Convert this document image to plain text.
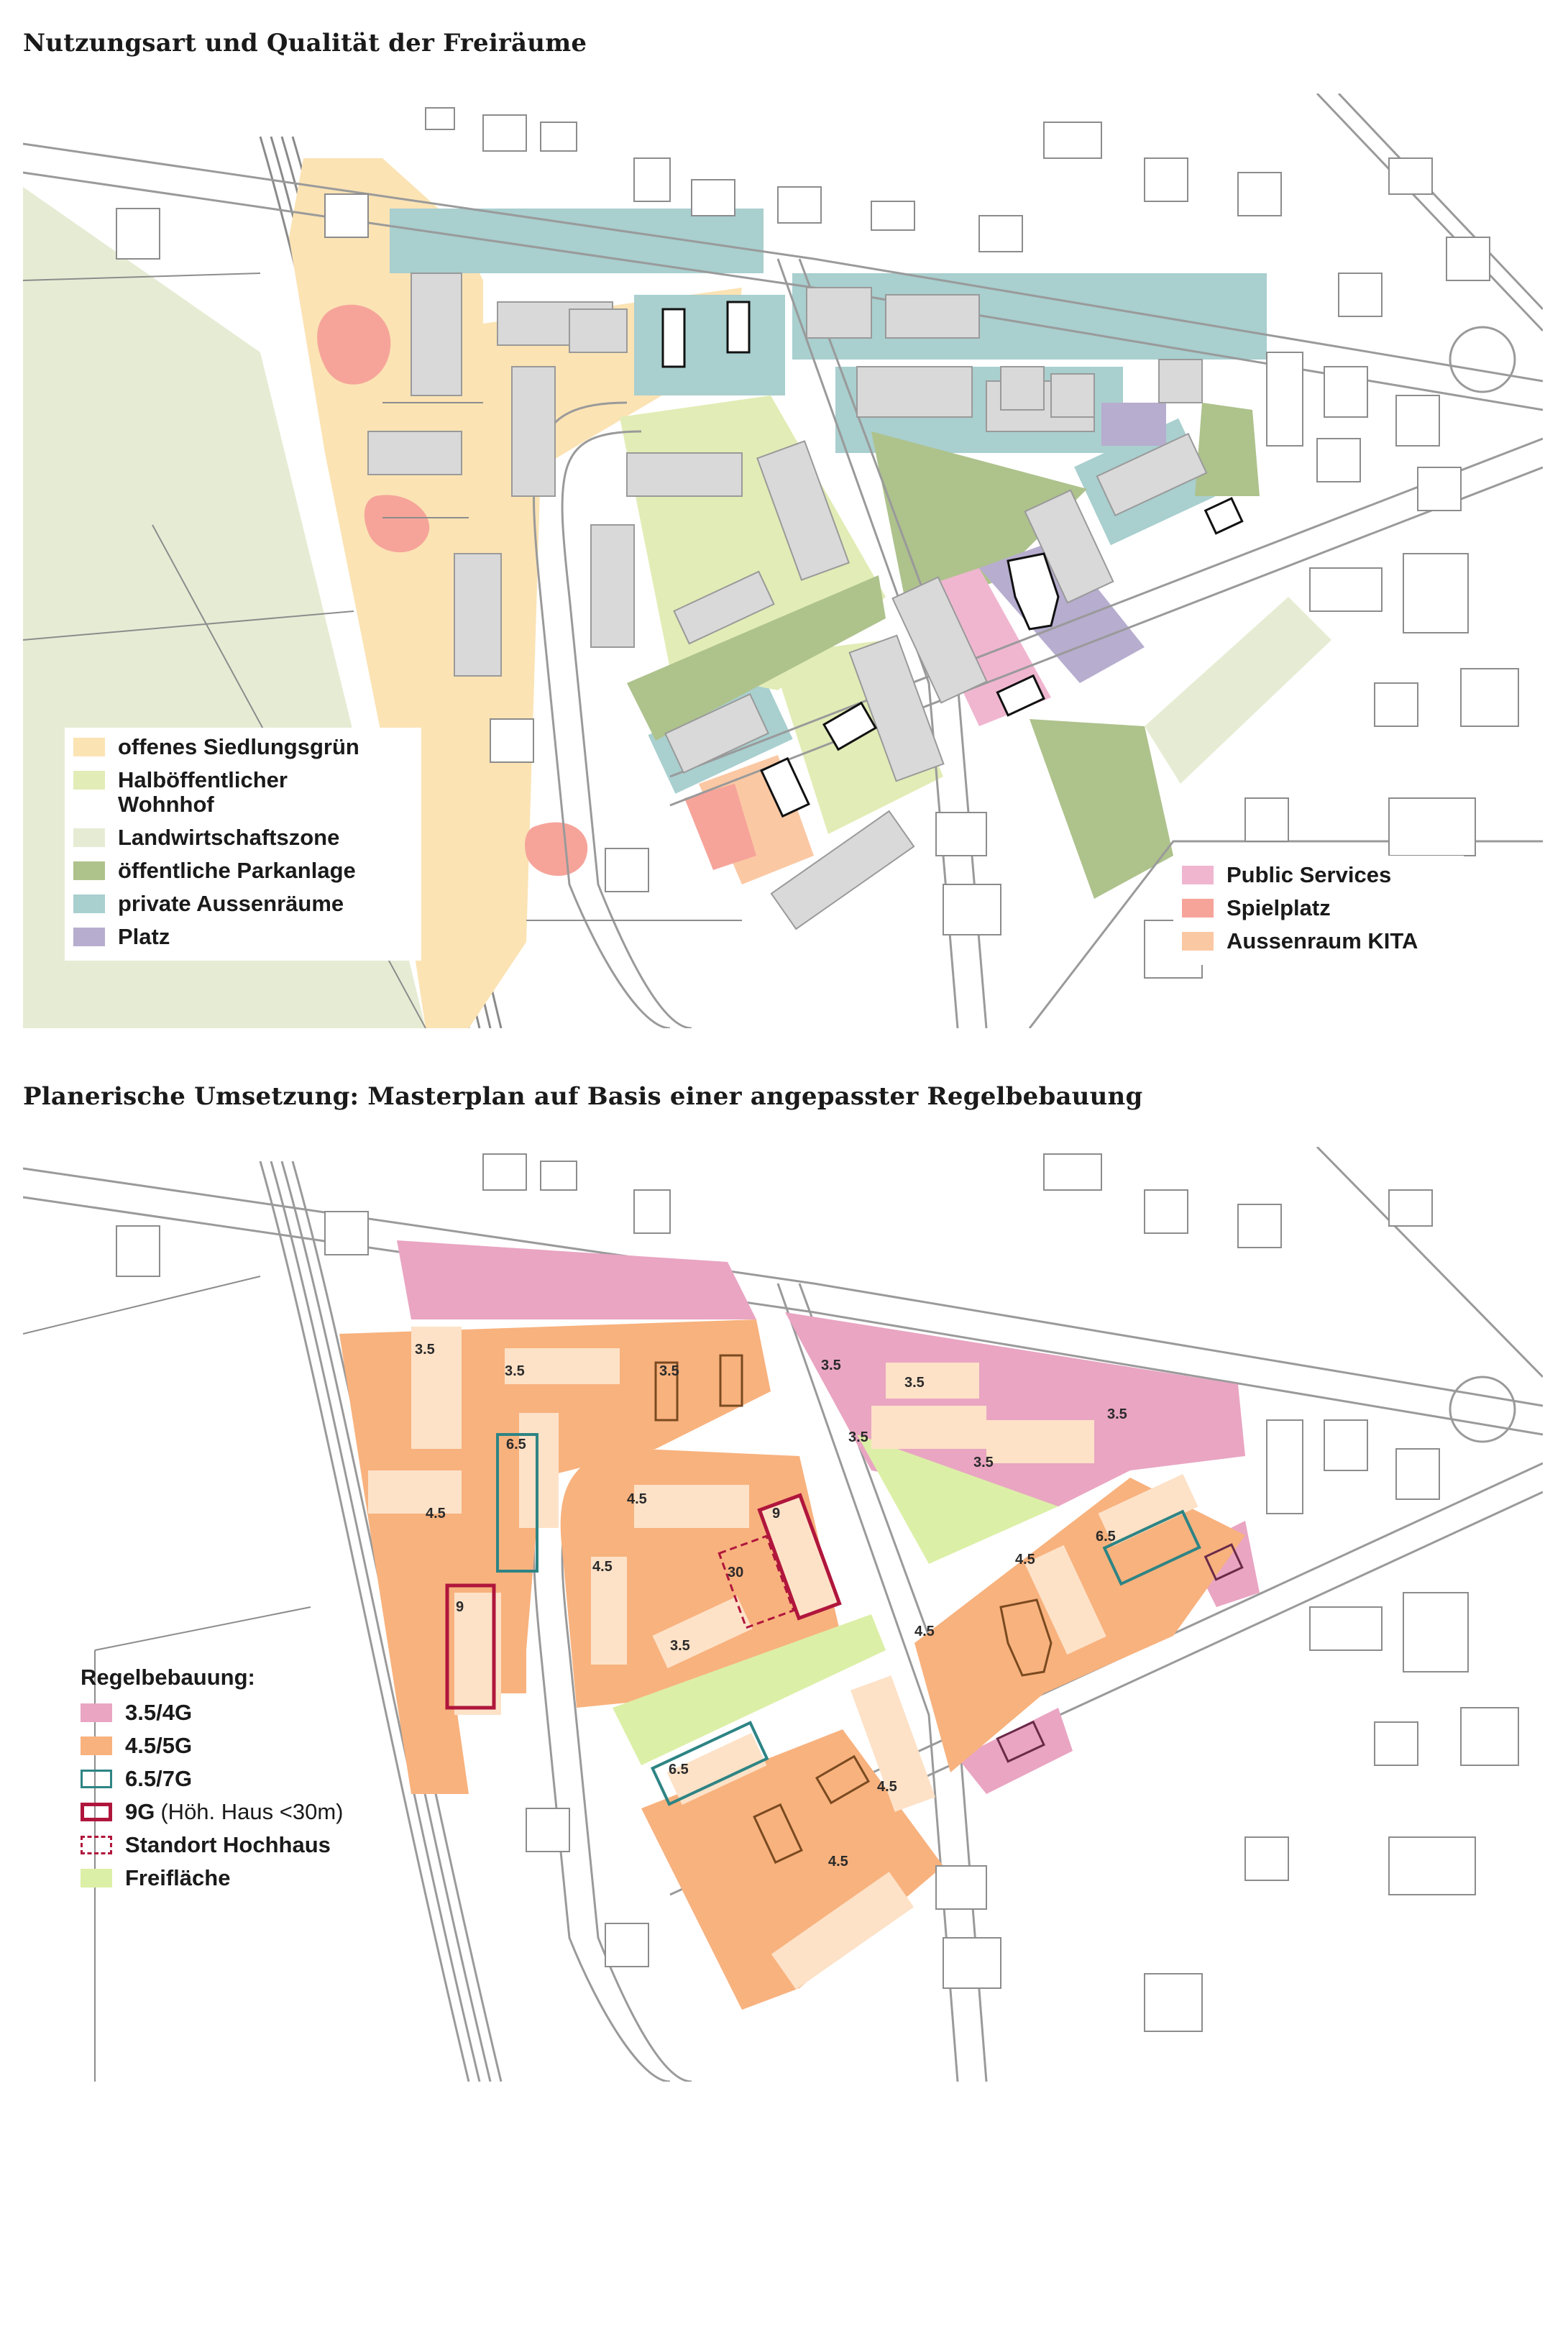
Nutzungsart und Qualität der Freiräume
offenes Siedlungsgrün
Halböffentlicher Wohnhof
Landwirtschaftszone
öffentliche Parkanlage
private Aussenräume
Platz
Public Services
Spielplatz
Aussenraum KITA
Planerische Umsetzung: Masterplan auf Basis einer angepasster Regelbebauung
3.5
3.5	3.5	3.5
3.5
3.5
3.5
3.5
6.5
4.5
9
4.5	30
3.5
4.5
6.5
9
4.5
4.5
6.5
4.5
4.5
Regelbebauung:
3.5/4G
4.5/5G
6.5/7G
9G (Höh. Haus <30m)
Standort Hochhaus
Freifläche
